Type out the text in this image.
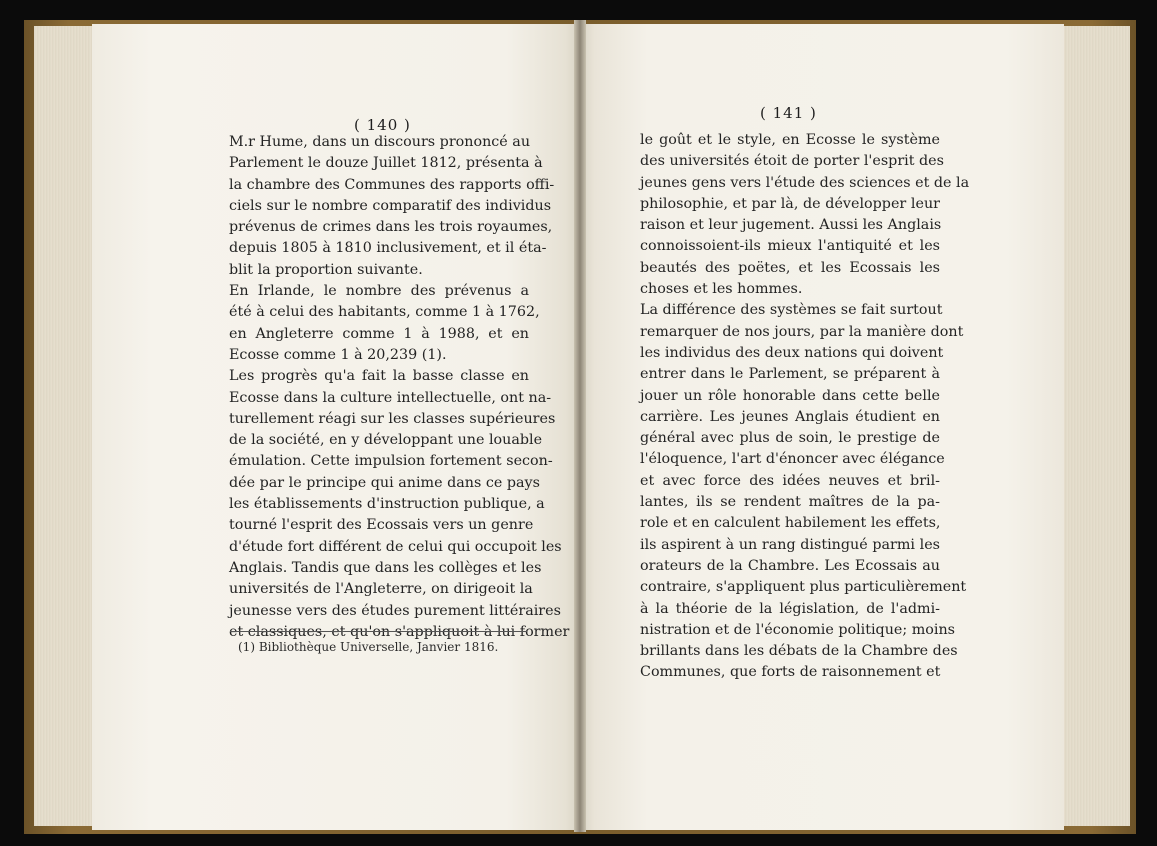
( 140 )

( 141 )

M.r Hume, dans un discours prononcé au
Parlement le douze Juillet 1812, présenta à
la chambre des Communes des rapports offi-
ciels sur le nombre comparatif des individus
prévenus de crimes dans les trois royaumes,
depuis 1805 à 1810 inclusivement, et il éta-
blit la proportion suivante.
En Irlande, le nombre des prévenus a
été à celui des habitants, comme 1 à 1762,
en Angleterre comme 1 à 1988, et en
Ecosse comme 1 à 20,239 (1).
Les progrès qu'a fait la basse classe en
Ecosse dans la culture intellectuelle, ont na-
turellement réagi sur les classes supérieures
de la société, en y développant une louable
émulation. Cette impulsion fortement secon-
dée par le principe qui anime dans ce pays
les établissements d'instruction publique, a
tourné l'esprit des Ecossais vers un genre
d'étude fort différent de celui qui occupoit les
Anglais. Tandis que dans les collèges et les
universités de l'Angleterre, on dirigeoit la
jeunesse vers des études purement littéraires
et classiques, et qu'on s'appliquoit à lui former
le goût et le style, en Ecosse le système
des universités étoit de porter l'esprit des
jeunes gens vers l'étude des sciences et de la
philosophie, et par là, de développer leur
raison et leur jugement. Aussi les Anglais
connoissoient-ils mieux l'antiquité et les
beautés des poëtes, et les Ecossais les
choses et les hommes.
La différence des systèmes se fait surtout
remarquer de nos jours, par la manière dont
les individus des deux nations qui doivent
entrer dans le Parlement, se préparent à
jouer un rôle honorable dans cette belle
carrière. Les jeunes Anglais étudient en
général avec plus de soin, le prestige de
l'éloquence, l'art d'énoncer avec élégance
et avec force des idées neuves et bril-
lantes, ils se rendent maîtres de la pa-
role et en calculent habilement les effets,
ils aspirent à un rang distingué parmi les
orateurs de la Chambre. Les Ecossais au
contraire, s'appliquent plus particulièrement
à la théorie de la législation, de l'admi-
nistration et de l'économie politique; moins
brillants dans les débats de la Chambre des
Communes, que forts de raisonnement et

(1) Bibliothèque Universelle, Janvier 1816.
